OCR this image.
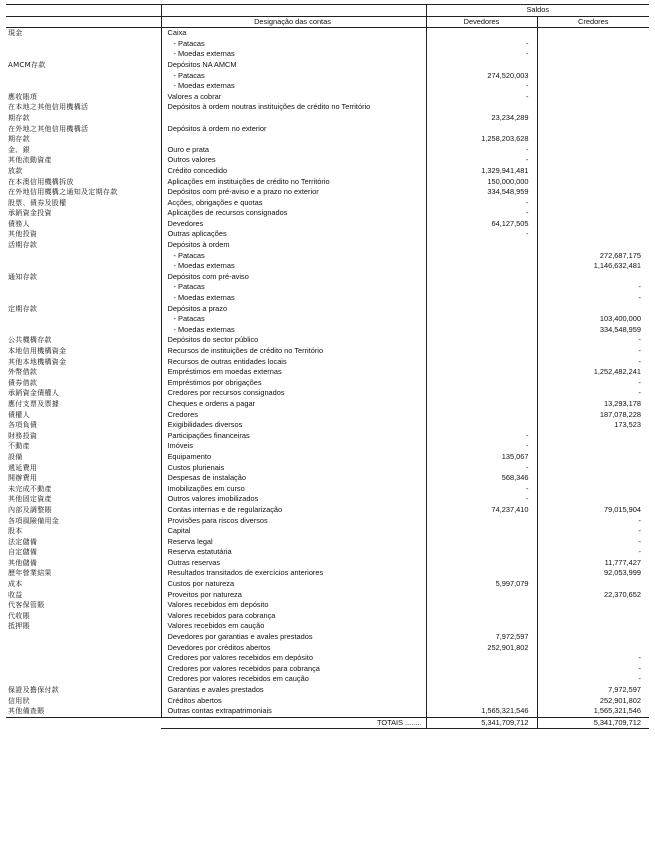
		Saldos	
	Designação das contas	Devedores	Credores
現金	Caixa		
	- Patacas	-	
	- Moedas externas	-	
AMCM存款	Depósitos NA AMCM		
	- Patacas	274,520,003	
	- Moedas externas	-	
應收賬項	Valores a cobrar	-	
在本地之其他信用機構活	Depósitos à ordem noutras instituições de crédito no Território		
期存款		23,234,289	
在外地之其他信用機構活	Depósitos à ordem no exterior		
期存款		1,258,203,628	
金、銀	Ouro e prata	-	
其他流動資產	Outros valores	-	
放款	Crédito concedido	1,329,941,481	
在本澳信用機構拆放	Aplicações em instituições de crédito no Território	150,000,000	
在外地信用機構之通知及定期存款	Depósitos com pré-aviso e a prazo no exterior	334,548,959	
股票、債券及股權	Acções, obrigações e quotas	-	
承銷資金投資	Aplicações de recursos consignados	-	
債務人	Devedores	64,127,505	
其他投資	Outras aplicações	-	
活期存款	Depósitos à ordem		
	- Patacas		272,687,175
	- Moedas externas		1,146,632,481
通知存款	Depósitos com pré-aviso		
	- Patacas		-
	- Moedas externas		-
定期存款	Depósitos a prazo		
	- Patacas		103,400,000
	- Moedas externas		334,548,959
公共機構存款	Depósitos do sector público		-
本地信用機構資金	Recursos de instituições de crédito no Território		-
其他本地機構資金	Recursos de outras entidades locais		-
外幣借款	Empréstimos em moedas externas		1,252,482,241
債券借款	Empréstimos por obrigações		-
承銷資金債權人	Credores por recursos consignados		-
應付支票及票據	Cheques e ordens a pagar		13,293,178
債權人	Credores		187,078,228
各項負債	Exigibilidades diversos		173,523
財務投資	Participações financeiras	-	
不動產	Imóveis	-	
設備	Equipamento	135,067	
遞延費用	Custos plurienais	-	
開辦費用	Despesas de instalação	568,346	
未完成不動產	Imobilizações em curso	-	
其他固定資產	Outros valores imobilizados	-	
內部及調整賬	Contas internas e de regularização	74,237,410	79,015,904
各項風險備用金	Provisões para riscos diversos		-
股本	Capital		-
法定儲備	Reserva legal		-
自定儲備	Reserva estatutária		-
其他儲備	Outras reservas		11,777,427
歷年營業結果	Resultados transitados de exercícios anteriores		92,053,999
成本	Custos por natureza	5,997,079	
收益	Proveitos por natureza		22,370,652
代客保管賬	Valores recebidos em depósito		
代收賬	Valores recebidos para cobrança		
抵押賬	Valores recebidos em caução		
	Devedores por garantias e avales prestados	7,972,597	
	Devedores por créditos abertos	252,901,802	
	Credores por valores recebidos em depósito		-
	Credores por valores recebidos para cobrança		-
	Credores por valores recebidos em caução		-
保證及擔保付款	Garantias e avales prestados		7,972,597
信用狀	Créditos abertos		252,901,802
其他備查賬	Outras contas extrapatrimoniais	1,565,321,546	1,565,321,546
	TOTAIS ........	5,341,709,712	5,341,709,712
